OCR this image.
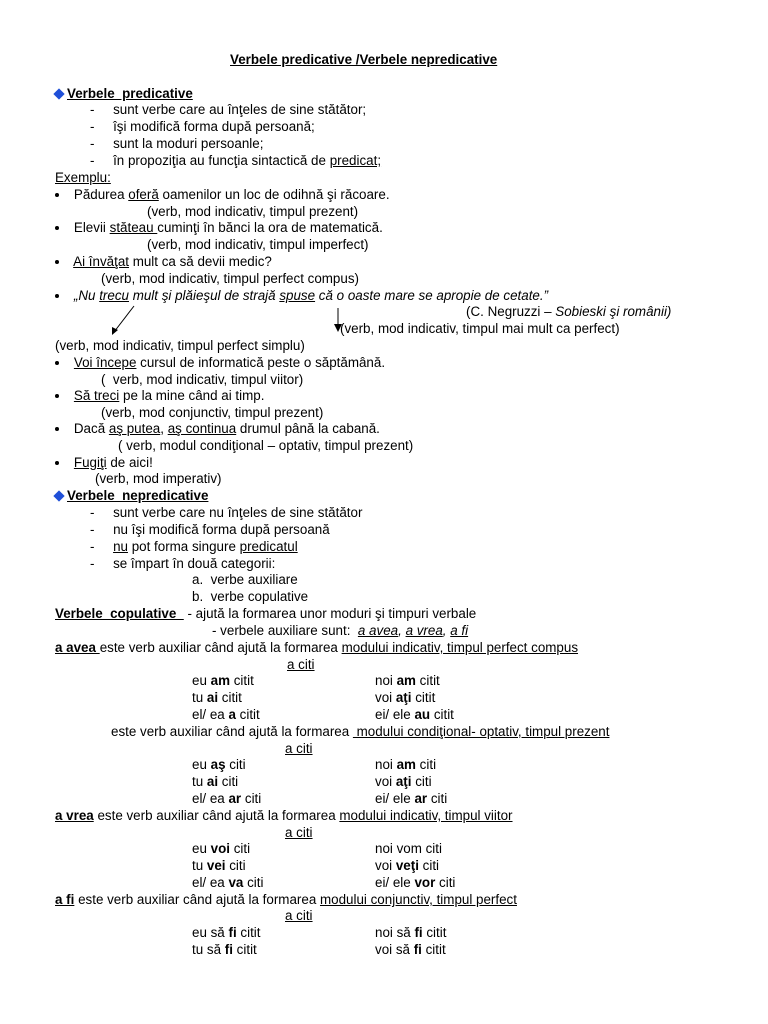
Verbele predicative /Verbele nepredicative
Verbele  predicative
-     sunt verbe care au înţeles de sine stătător;
-     îşi modifică forma după persoană;
-     sunt la moduri persoanle;
-     în propoziţia au funcţia sintactică de predicat;
Exemplu:
Pădurea oferă oamenilor un loc de odihnă şi răcoare.
(verb, mod indicativ, timpul prezent)
Elevii stăteau cuminţi în bănci la ora de matematică.
(verb, mod indicativ, timpul imperfect)
Ai învăţat mult ca să devii medic?
(verb, mod indicativ, timpul perfect compus)
„Nu trecu mult şi plăieşul de strajă spuse că o oaste mare se apropie de cetate.”
(C. Negruzzi – Sobieski şi românii)
(verb, mod indicativ, timpul mai mult ca perfect)
(verb, mod indicativ, timpul perfect simplu)
Voi începe cursul de informatică peste o săptămână.
(  verb, mod indicativ, timpul viitor)
Să treci pe la mine când ai timp.
(verb, mod conjunctiv, timpul prezent)
Dacă aş putea, aş continua drumul până la cabană.
( verb, modul condiţional – optativ, timpul prezent)
Fugiţi de aici!
(verb, mod imperativ)
Verbele  nepredicative
-     sunt verbe care nu înţeles de sine stătător
-     nu îşi modifică forma după persoană
-     nu pot forma singure predicatul
-     se împart în două categorii:
a.  verbe auxiliare
b.  verbe copulative
Verbele  copulative   - ajută la formarea unor moduri şi timpuri verbale
- verbele auxiliare sunt:  a avea, a vrea, a fi
a avea este verb auxiliar când ajută la formarea modului indicativ, timpul perfect compus
a citi
eu am citit	noi am citit
tu ai citit	voi aţi citit
el/ ea a citit	ei/ ele au citit
este verb auxiliar când ajută la formarea  modului condiţional- optativ, timpul prezent
a citi
eu aş citi	noi am citi
tu ai citi	voi aţi citi
el/ ea ar citi	ei/ ele ar citi
a vrea este verb auxiliar când ajută la formarea modului indicativ, timpul viitor
a citi
eu voi citi	noi vom citi
tu vei citi	voi veţi citi
el/ ea va citi	ei/ ele vor citi
a fi este verb auxiliar când ajută la formarea modului conjunctiv, timpul perfect
a citi
eu să fi citit	noi să fi citit
tu să fi citit	voi să fi citit
